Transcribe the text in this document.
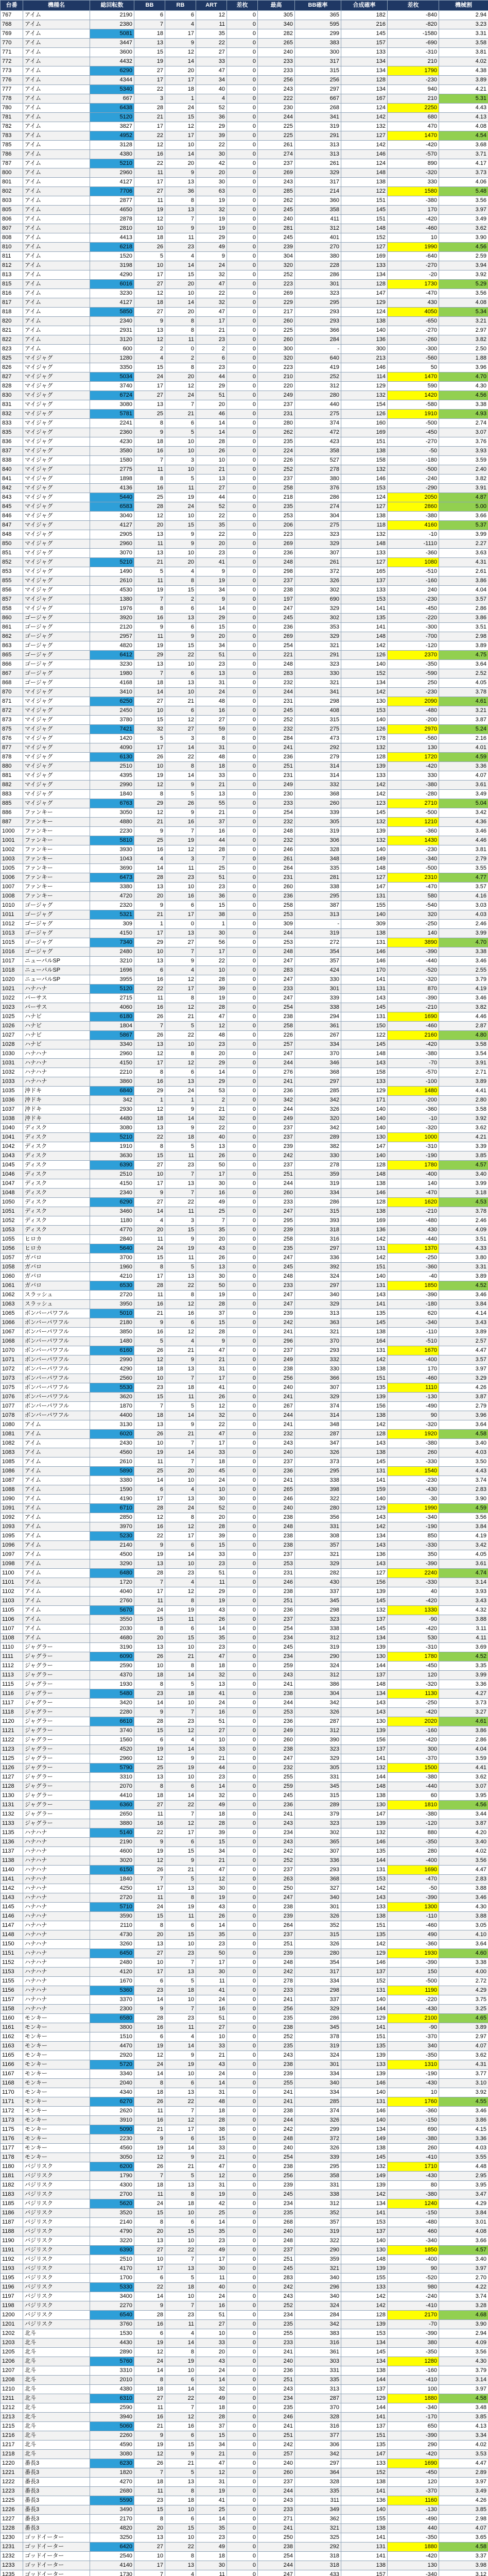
台番	機種名	総回転数	BB	RB	ART	差枚	最高	BB確率	合成確率	差枚	機械割
767	アイム	2190	6	6	12	0	305	365	182	-840	2.94
768	アイム	2380	7	4	11	0	340	595	216	-820	3.23
769	アイム	5081	18	17	35	0	282	299	145	-1580	3.31
770	アイム	3447	13	9	22	0	265	383	157	-690	3.58
771	アイム	3600	15	12	27	0	240	300	133	-310	3.81
772	アイム	4432	19	14	33	0	233	317	134	210	4.02
773	アイム	6290	27	20	47	0	233	315	134	1790	4.38
776	アイム	4344	17	17	34	0	256	256	128	-230	3.89
777	アイム	5340	22	18	40	0	243	297	134	940	4.21
778	アイム	667	3	1	4	0	222	667	167	210	5.31
780	アイム	6438	28	24	52	0	230	268	124	2250	4.43
781	アイム	5120	21	15	36	0	244	341	142	680	4.13
782	アイム	3827	17	12	29	0	225	319	132	470	4.08
783	アイム	4952	22	17	39	0	225	291	127	1470	4.54
785	アイム	3128	12	10	22	0	261	313	142	-420	3.68
786	アイム	4380	16	14	30	0	274	313	146	-570	3.71
787	アイム	5210	22	20	42	0	237	261	124	890	4.17
800	アイム	2960	11	9	20	0	269	329	148	-320	3.73
801	アイム	4127	17	13	30	0	243	317	138	330	4.06
802	アイム	7706	27	36	63	0	285	214	122	1580	5.48
803	アイム	2877	11	8	19	0	262	360	151	-380	3.56
805	アイム	4650	19	13	32	0	245	358	145	170	3.97
806	アイム	2878	12	7	19	0	240	411	151	-420	3.49
807	アイム	2810	10	9	19	0	281	312	148	-460	3.62
808	アイム	4413	18	11	29	0	245	401	152	10	3.90
810	アイム	6218	26	23	49	0	239	270	127	1990	4.56
811	アイム	1520	5	4	9	0	304	380	169	-640	2.59
812	アイム	3198	10	14	24	0	320	228	133	-270	3.94
813	アイム	4290	17	15	32	0	252	286	134	-20	3.92
815	アイム	6016	27	20	47	0	223	301	128	1730	5.29
816	アイム	3230	12	10	22	0	269	323	147	-470	3.56
817	アイム	4127	18	14	32	0	229	295	129	430	4.08
818	アイム	5850	27	20	47	0	217	293	124	4050	5.34
820	アイム	2340	9	8	17	0	260	293	138	-650	3.21
821	アイム	2931	13	8	21	0	225	366	140	-270	2.97
822	アイム	3120	12	11	23	0	260	284	136	-260	3.82
823	アイム	600	2	0	2	0	300	-	300	-300	2.50
825	マイジャグ	1280	4	2	6	0	320	640	213	-560	1.88
826	マイジャグ	3350	15	8	23	0	223	419	146	50	3.96
827	マイジャグ	5034	24	20	44	0	210	252	114	1470	4.70
828	マイジャグ	3740	17	12	29	0	220	312	129	590	4.30
830	マイジャグ	6724	27	24	51	0	249	280	132	1420	4.56
831	マイジャグ	3080	13	7	20	0	237	440	154	-580	3.38
832	マイジャグ	5781	25	21	46	0	231	275	126	1910	4.93
833	マイジャグ	2241	8	6	14	0	280	374	160	-500	2.74
835	マイジャグ	2360	9	5	14	0	262	472	169	-450	3.07
836	マイジャグ	4230	18	10	28	0	235	423	151	-270	3.76
837	マイジャグ	3580	16	10	26	0	224	358	138	-50	3.93
838	マイジャグ	1580	7	3	10	0	226	527	158	-180	3.59
840	マイジャグ	2775	11	10	21	0	252	278	132	-500	2.40
841	マイジャグ	1898	8	5	13	0	237	380	146	-240	3.82
842	マイジャグ	4136	16	11	27	0	258	376	153	-290	3.91
843	マイジャグ	5440	25	19	44	0	218	286	124	2050	4.87
845	マイジャグ	6583	28	24	52	0	235	274	127	2860	5.00
846	マイジャグ	3040	12	10	22	0	253	304	138	-380	3.66
847	マイジャグ	4127	20	15	35	0	206	275	118	4160	5.37
848	マイジャグ	2905	13	9	22	0	223	323	132	-10	3.99
850	マイジャグ	2960	11	9	20	0	269	329	148	-1110	2.27
851	マイジャグ	3070	13	10	23	0	236	307	133	-360	3.63
852	マイジャグ	5210	21	20	41	0	248	261	127	1080	4.31
853	マイジャグ	1490	5	4	9	0	298	372	165	-510	2.61
855	マイジャグ	2610	11	8	19	0	237	326	137	-160	3.86
856	マイジャグ	4530	19	15	34	0	238	302	133	240	4.04
857	マイジャグ	1380	7	2	9	0	197	690	153	-230	3.57
858	マイジャグ	1976	8	6	14	0	247	329	141	-450	2.86
860	ゴージャグ	3920	16	13	29	0	245	302	135	-220	3.86
861	ゴージャグ	2120	9	6	15	0	236	353	141	-300	3.51
862	ゴージャグ	2957	11	9	20	0	269	329	148	-700	2.98
863	ゴージャグ	4820	19	15	34	0	254	321	142	-120	3.89
865	ゴージャグ	6412	29	22	51	0	221	291	126	2370	4.75
866	ゴージャグ	3230	13	10	23	0	248	323	140	-350	3.64
867	ゴージャグ	1980	7	6	13	0	283	330	152	-590	2.52
868	ゴージャグ	4168	18	13	31	0	232	321	134	250	4.05
870	マイジャグ	3410	14	10	24	0	244	341	142	-230	3.78
871	マイジャグ	6250	27	21	48	0	231	298	130	2090	4.61
872	マイジャグ	2450	10	6	16	0	245	408	153	-480	3.21
873	マイジャグ	3780	15	12	27	0	252	315	140	-200	3.87
875	マイジャグ	7421	32	27	59	0	232	275	126	2970	5.24
876	マイジャグ	1420	5	3	8	0	284	473	178	-560	2.16
877	マイジャグ	4090	17	14	31	0	241	292	132	130	4.01
878	マイジャグ	6130	26	22	48	0	236	279	128	1720	4.59
880	マイジャグ	2510	10	8	18	0	251	314	139	-420	3.36
881	マイジャグ	4395	19	14	33	0	231	314	133	330	4.07
882	マイジャグ	2990	12	9	21	0	249	332	142	-380	3.61
883	マイジャグ	1840	8	5	13	0	230	368	142	-280	3.49
885	マイジャグ	6763	29	26	55	0	233	260	123	2710	5.04
886	ファンキー	3050	12	9	21	0	254	339	145	-500	3.42
887	ファンキー	4880	21	16	37	0	232	305	132	1210	4.36
1000	ファンキー	2230	9	7	16	0	248	319	139	-360	3.46
1001	ファンキー	5810	25	19	44	0	232	306	132	1430	4.46
1002	ファンキー	3930	16	12	28	0	246	328	140	-230	3.81
1003	ファンキー	1043	4	3	7	0	261	348	149	-340	2.79
1005	ファンキー	3690	14	11	25	0	264	335	148	-500	3.55
1006	ファンキー	6473	28	23	51	0	231	281	127	2310	4.77
1007	ファンキー	3380	13	10	23	0	260	338	147	-470	3.57
1008	ファンキー	4720	20	16	36	0	236	295	131	580	4.16
1010	ゴージャグ	2320	9	6	15	0	258	387	155	-540	3.03
1011	ゴージャグ	5321	21	17	38	0	253	313	140	320	4.03
1012	ゴージャグ	309	1	0	1	0	309	-	309	-250	2.46
1013	ゴージャグ	4150	17	13	30	0	244	319	138	140	3.99
1015	ゴージャグ	7340	29	27	56	0	253	272	131	3890	4.70
1016	ゴージャグ	2480	10	7	17	0	248	354	146	-390	3.38
1017	ニューパルSP	3210	13	9	22	0	247	357	146	-440	3.46
1018	ニューパルSP	1696	6	4	10	0	283	424	170	-520	2.55
1020	ニューパルSP	3955	16	12	28	0	247	330	141	-320	3.79
1021	ハナハナ	5120	22	17	39	0	233	301	131	870	4.19
1022	バーサス	2715	11	8	19	0	247	339	143	-390	3.46
1023	バーサス	4060	16	12	28	0	254	338	145	-210	3.82
1025	ハナビ	6180	26	21	47	0	238	294	131	1690	4.46
1026	ハナビ	1804	7	5	12	0	258	361	150	-460	2.87
1027	ハナビ	5867	26	22	48	0	226	267	122	2160	4.80
1028	ハナビ	3340	13	10	23	0	257	334	145	-420	3.58
1030	ハナハナ	2960	12	8	20	0	247	370	148	-380	3.54
1031	ハナハナ	4150	17	12	29	0	244	346	143	-70	3.91
1032	ハナハナ	2210	8	6	14	0	276	368	158	-570	2.71
1033	ハナハナ	3860	16	13	29	0	241	297	133	-100	3.89
1035	沖ドキ	6840	29	24	53	0	236	285	129	1480	4.41
1036	沖ドキ	342	1	1	2	0	342	342	171	-200	2.80
1037	沖ドキ	2930	12	9	21	0	244	326	140	-360	3.58
1038	沖ドキ	4480	18	14	32	0	249	320	140	-10	3.92
1040	ディスク	3080	13	9	22	0	237	342	140	-320	3.62
1041	ディスク	5210	22	18	40	0	237	289	130	1000	4.21
1042	ディスク	1910	8	5	13	0	239	382	147	-310	3.39
1043	ディスク	3630	15	11	26	0	242	330	140	-190	3.85
1045	ディスク	6390	27	23	50	0	237	278	128	1780	4.57
1046	ディスク	2510	10	7	17	0	251	359	148	-400	3.40
1047	ディスク	4150	17	13	30	0	244	319	138	140	3.99
1048	ディスク	2340	9	7	16	0	260	334	146	-470	3.18
1050	ディスク	6290	27	22	49	0	233	286	128	1620	4.53
1051	ディスク	3460	14	11	25	0	247	315	138	-210	3.78
1052	ディスク	1180	4	3	7	0	295	393	169	-480	2.46
1053	ディスク	4770	20	15	35	0	239	318	136	430	4.09
1055	ヒロカ	2840	11	9	20	0	258	316	142	-440	3.51
1056	ヒロカ	5640	24	19	43	0	235	297	131	1370	4.33
1057	ガバロ	3700	15	11	26	0	247	336	142	-250	3.80
1058	ガバロ	1960	8	5	13	0	245	392	151	-360	3.31
1060	ガバロ	4210	17	13	30	0	248	324	140	-40	3.89
1061	ガバロ	6530	28	22	50	0	233	297	131	1850	4.52
1062	スラッシュ	2720	11	8	19	0	247	340	143	-390	3.46
1063	スラッシュ	3950	16	12	28	0	247	329	141	-180	3.84
1065	ボンバーパワフル	5010	21	16	37	0	239	313	135	620	4.14
1066	ボンバーパワフル	2180	9	6	15	0	242	363	145	-340	3.43
1067	ボンバーパワフル	3850	16	12	28	0	241	321	138	-110	3.89
1068	ボンバーパワフル	1480	5	4	9	0	296	370	164	-510	2.57
1070	ボンバーパワフル	6160	26	21	47	0	237	293	131	1670	4.47
1071	ボンバーパワフル	2990	12	9	21	0	249	332	142	-400	3.57
1072	ボンバーパワフル	4290	18	13	31	0	238	330	138	170	3.97
1073	ボンバーパワフル	2560	10	7	17	0	256	366	151	-460	3.29
1075	ボンバーパワフル	5530	23	18	41	0	240	307	135	1110	4.26
1076	ボンバーパワフル	3620	15	11	26	0	241	329	139	-130	3.87
1077	ボンバーパワフル	1870	7	5	12	0	267	374	156	-490	2.79
1078	ボンバーパワフル	4400	18	14	32	0	244	314	138	90	3.96
1080	アイム	3130	13	9	22	0	241	348	142	-320	3.64
1081	アイム	6020	26	21	47	0	232	287	128	1920	4.58
1082	アイム	2430	10	7	17	0	243	347	143	-380	3.40
1083	アイム	4560	19	14	33	0	240	326	138	260	4.03
1085	アイム	2610	11	7	18	0	237	373	145	-330	3.50
1086	アイム	5890	25	20	45	0	236	295	131	1540	4.43
1087	アイム	3380	14	10	24	0	241	338	141	-230	3.74
1088	アイム	1590	6	4	10	0	265	398	159	-430	2.83
1090	アイム	4190	17	13	30	0	246	322	140	-30	3.90
1091	アイム	6710	28	24	52	0	240	280	129	1990	4.59
1092	アイム	2850	12	8	20	0	238	356	143	-340	3.56
1093	アイム	3970	16	12	28	0	248	331	142	-190	3.84
1095	アイム	5230	22	17	39	0	238	308	134	850	4.19
1096	アイム	2140	9	6	15	0	238	357	143	-330	3.42
1097	アイム	4500	19	14	33	0	237	321	136	350	4.05
1098	アイム	3290	13	10	23	0	253	329	143	-390	3.61
1100	アイム	6480	28	23	51	0	231	282	127	2240	4.74
1101	アイム	1720	7	4	11	0	246	430	156	-330	3.14
1102	アイム	4040	17	12	29	0	238	337	139	40	3.93
1103	アイム	2760	11	8	19	0	251	345	145	-420	3.43
1105	アイム	5670	24	19	43	0	236	298	132	1330	4.32
1106	アイム	3550	15	11	26	0	237	323	137	-90	3.88
1107	アイム	2030	8	6	14	0	254	338	145	-420	3.11
1108	アイム	4680	20	15	35	0	234	312	134	530	4.11
1110	ジャグラー	3190	13	10	23	0	245	319	139	-310	3.69
1111	ジャグラー	6090	26	21	47	0	234	290	130	1780	4.52
1112	ジャグラー	2590	10	8	18	0	259	324	144	-450	3.35
1113	ジャグラー	4370	18	14	32	0	243	312	137	120	3.99
1115	ジャグラー	1930	8	5	13	0	241	386	148	-320	3.36
1116	ジャグラー	5480	23	18	41	0	238	304	134	1130	4.27
1117	ジャグラー	3420	14	10	24	0	244	342	143	-250	3.73
1118	ジャグラー	2280	9	7	16	0	253	326	143	-420	3.27
1120	ジャグラー	6610	28	23	51	0	236	287	130	2020	4.61
1121	ジャグラー	3740	15	12	27	0	249	312	139	-160	3.86
1122	ジャグラー	1560	6	4	10	0	260	390	156	-420	2.86
1123	ジャグラー	4520	19	14	33	0	238	323	137	300	4.04
1125	ジャグラー	2960	12	9	21	0	247	329	141	-370	3.59
1126	ジャグラー	5790	25	19	44	0	232	305	132	1500	4.41
1127	ジャグラー	3310	13	10	23	0	255	331	144	-380	3.62
1128	ジャグラー	2070	8	6	14	0	259	345	148	-440	3.07
1130	ジャグラー	4410	18	14	32	0	245	315	138	60	3.95
1131	ジャグラー	6360	27	22	49	0	236	289	130	1810	4.56
1132	ジャグラー	2650	11	7	18	0	241	379	147	-380	3.44
1133	ジャグラー	3880	16	12	28	0	243	323	139	-120	3.87
1135	ハナハナ	5140	22	17	39	0	234	302	132	880	4.20
1136	ハナハナ	2190	9	6	15	0	243	365	146	-350	3.40
1137	ハナハナ	4600	19	15	34	0	242	307	135	280	4.02
1138	ハナハナ	3020	12	9	21	0	252	336	144	-400	3.56
1140	ハナハナ	6150	26	21	47	0	237	293	131	1690	4.47
1141	ハナハナ	1840	7	5	12	0	263	368	153	-470	2.83
1142	ハナハナ	4250	17	13	30	0	250	327	142	-50	3.88
1143	ハナハナ	2720	11	8	19	0	247	340	143	-390	3.46
1145	ハナハナ	5710	24	19	43	0	238	301	133	1300	4.30
1146	ハナハナ	3590	15	11	26	0	239	326	138	-110	3.88
1147	ハナハナ	2110	8	6	14	0	264	352	151	-460	3.05
1148	ハナハナ	4730	20	15	35	0	237	315	135	490	4.10
1150	ハナハナ	3260	13	10	23	0	251	326	142	-360	3.64
1151	ハナハナ	6450	27	23	50	0	239	280	129	1930	4.60
1152	ハナハナ	2480	10	7	17	0	248	354	146	-390	3.38
1153	ハナハナ	4120	17	13	30	0	242	317	137	150	4.00
1155	ハナハナ	1670	6	5	11	0	278	334	152	-500	2.72
1156	ハナハナ	5360	23	18	41	0	233	298	131	1190	4.29
1157	ハナハナ	3370	14	10	24	0	241	337	140	-220	3.75
1158	ハナハナ	2300	9	7	16	0	256	329	144	-430	3.25
1160	モンキー	6580	28	23	51	0	235	286	129	2100	4.65
1161	モンキー	3800	16	11	27	0	238	345	141	-90	3.89
1162	モンキー	1510	6	4	10	0	252	378	151	-370	2.97
1163	モンキー	4470	19	14	33	0	235	319	135	340	4.07
1165	モンキー	2920	12	9	21	0	243	324	139	-350	3.62
1166	モンキー	5720	24	19	43	0	238	301	133	1310	4.31
1167	モンキー	3340	14	10	24	0	239	334	139	-190	3.77
1168	モンキー	2040	8	6	14	0	255	340	146	-430	3.10
1170	モンキー	4340	18	13	31	0	241	334	140	10	3.92
1171	モンキー	6270	26	22	48	0	241	285	131	1760	4.55
1172	モンキー	2620	11	7	18	0	238	374	146	-360	3.46
1173	モンキー	3910	16	12	28	0	244	326	140	-150	3.86
1175	モンキー	5090	21	17	38	0	242	299	134	690	4.15
1176	モンキー	2230	9	6	15	0	248	372	149	-380	3.36
1177	モンキー	4560	19	14	33	0	240	326	138	260	4.03
1178	モンキー	3050	12	9	21	0	254	339	145	-410	3.55
1180	バジリスク	6200	26	21	47	0	238	295	132	1710	4.48
1181	バジリスク	1790	7	5	12	0	256	358	149	-430	2.95
1182	バジリスク	4300	18	13	31	0	239	331	139	80	3.95
1183	バジリスク	2700	11	8	19	0	245	338	142	-380	3.47
1185	バジリスク	5620	24	18	42	0	234	312	134	1240	4.29
1186	バジリスク	3520	15	10	25	0	235	352	141	-150	3.84
1187	バジリスク	2140	8	6	14	0	268	357	153	-480	3.01
1188	バジリスク	4790	20	15	35	0	240	319	137	460	4.08
1190	バジリスク	3220	13	10	23	0	248	322	140	-340	3.66
1191	バジリスク	6390	27	22	49	0	237	290	130	1850	4.57
1192	バジリスク	2510	10	7	17	0	251	359	148	-400	3.40
1193	バジリスク	4170	17	13	30	0	245	321	139	90	3.97
1195	バジリスク	1700	6	5	11	0	283	340	155	-520	2.70
1196	バジリスク	5330	22	18	40	0	242	296	133	980	4.22
1197	バジリスク	3400	14	10	24	0	243	340	142	-240	3.74
1198	バジリスク	2270	9	7	16	0	252	324	142	-410	3.28
1200	バジリスク	6540	28	23	51	0	234	284	128	2170	4.68
1201	バジリスク	3760	16	11	27	0	235	342	139	-70	3.90
1202	北斗	1530	6	4	10	0	255	383	153	-390	2.94
1203	北斗	4430	19	14	33	0	233	316	134	380	4.09
1205	北斗	2890	12	8	20	0	241	361	145	-350	3.56
1206	北斗	5760	24	19	43	0	240	303	134	1280	4.30
1207	北斗	3310	14	10	24	0	236	331	138	-160	3.79
1208	北斗	2010	8	6	14	0	251	335	144	-410	3.14
1210	北斗	4380	18	14	32	0	243	313	137	100	3.97
1211	北斗	6310	27	22	49	0	234	287	129	1880	4.58
1212	北斗	2590	11	7	18	0	235	370	144	-340	3.48
1213	北斗	3940	16	12	28	0	246	328	141	-170	3.85
1215	北斗	5060	21	16	37	0	241	316	137	650	4.13
1216	北斗	2260	9	6	15	0	251	377	151	-390	3.34
1217	北斗	4590	19	15	34	0	242	306	135	290	4.02
1218	北斗	3080	12	9	21	0	257	342	147	-420	3.53
1220	番長3	6230	26	21	47	0	240	297	133	1690	4.47
1221	番長3	1820	7	5	12	0	260	364	152	-450	2.89
1222	番長3	4270	18	13	31	0	237	328	138	120	3.97
1223	番長3	2680	11	8	19	0	244	335	141	-370	3.49
1225	番長3	5590	23	18	41	0	243	311	136	1160	4.26
1226	番長3	3490	15	10	25	0	233	349	140	-130	3.85
1227	番長3	2170	8	6	14	0	271	362	155	-490	2.98
1228	番長3	4820	20	15	35	0	241	321	138	440	4.07
1230	ゴッドイーター	3250	13	10	23	0	250	325	141	-350	3.65
1231	ゴッドイーター	6420	27	22	49	0	238	292	131	1880	4.58
1232	ゴッドイーター	2540	10	8	18	0	254	318	141	-420	3.37
1233	ゴッドイーター	4140	17	13	30	0	244	318	138	130	3.98
1235	ゴッドイーター	1730	7	4	11	0	247	433	157	-340	3.12
